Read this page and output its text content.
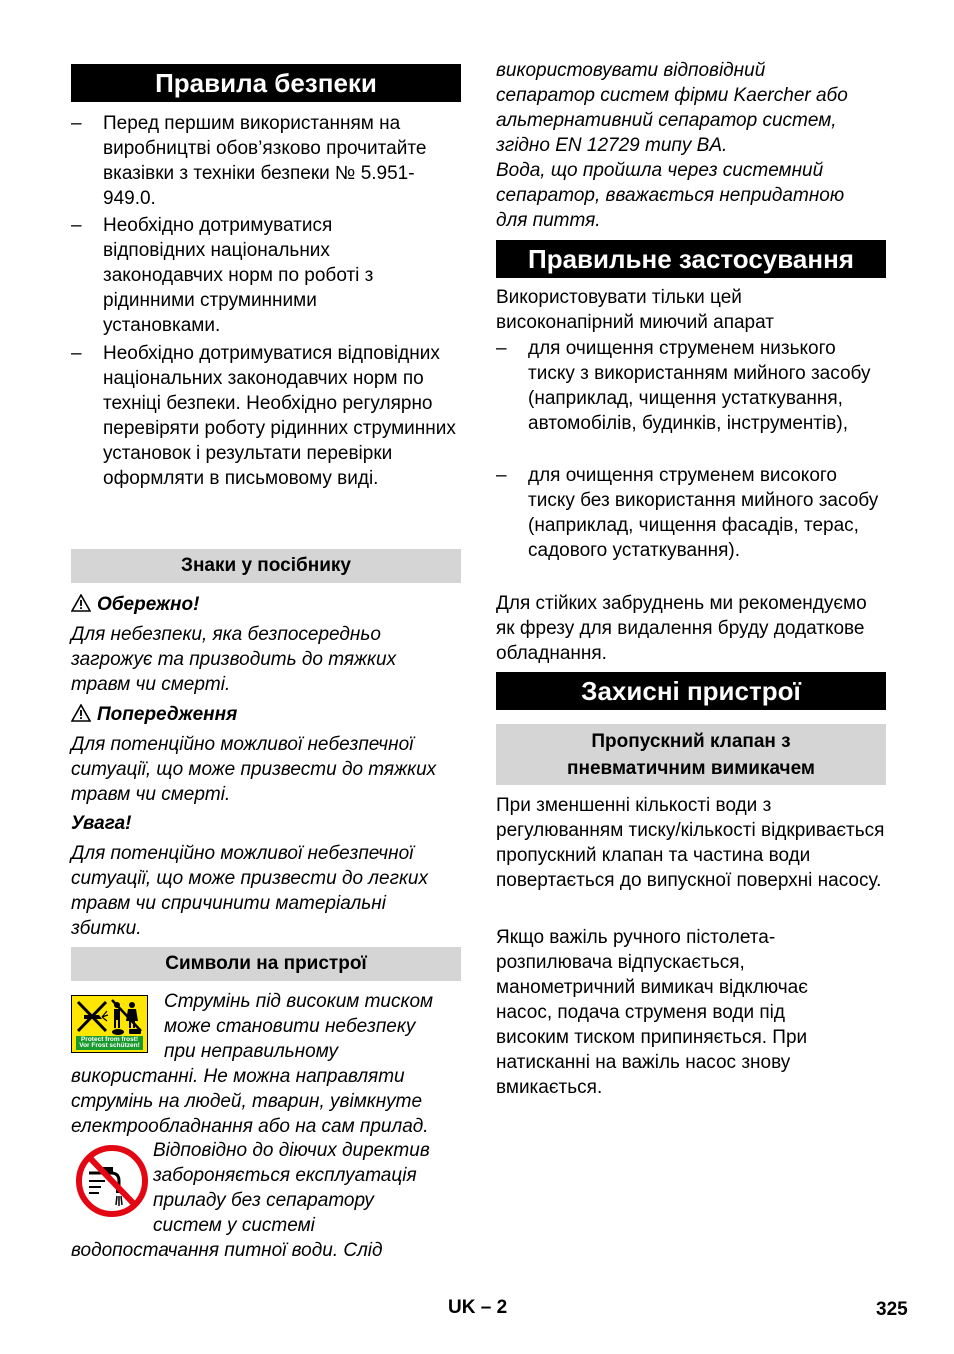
Правила безпеки
– Перед першим використанням на виробництві обов’язково прочитайте вказівки з техніки безпеки № 5.951-949.0.
– Необхідно дотримуватися відповідних національних законодавчих норм по роботі з рідинними струминними установками.
– Необхідно дотримуватися відповідних національних законодавчих норм по техніці безпеки. Необхідно регулярно перевіряти роботу рідинних струминних установок і результати перевірки оформляти в письмовому виді.
Знаки у посібнику
Обережно!
Для небезпеки, яка безпосередньо загрожує та призводить до тяжких травм чи смерті.
Попередження
Для потенційно можливої небезпечної ситуації, що може призвести до тяжких травм чи смерті.
Увага!
Для потенційно можливої небезпечної ситуації, що може призвести до легких травм чи спричинити матеріальні збитки.
Символи на пристрої
Protect from frost!
Vor Frost schützen!
Струмінь під високим тиском
може становити небезпеку
при неправильному
використанні. Не можна направляти
струмінь на людей, тварин, увімкнуте
електрообладнання або на сам прилад.
Відповідно до діючих директив
забороняється експлуатація
приладу без сепаратору
систем у системі
водопостачання питної води. Слід
використовувати відповідний
сепаратор систем фірми Kaercher або
альтернативний сепаратор систем,
згідно EN 12729 типу BA.
Вода, що пройшла через системний
сепаратор, вважається непридатною
для пиття.
Правильне застосування
Використовувати тільки цей високонапірний миючий апарат
– для очищення струменем низького тиску з використанням мийного засобу (наприклад, чищення устаткування, автомобілів, будинків, інструментів),
– для очищення струменем високого тиску без використання мийного засобу (наприклад, чищення фасадів, терас, садового устаткування).
Для стійких забруднень ми рекомендуємо як фрезу для видалення бруду додаткове обладнання.
Захисні пристрої
Пропускний клапан з пневматичним вимикачем
При зменшенні кількості води з регулюванням тиску/кількості відкривається пропускний клапан та частина води повертається до випускної поверхні насосу.
Якщо важіль ручного пістолета-розпилювача відпускається, манометричний вимикач відключає насос, подача струменя води під високим тиском припиняється. При натисканні на важіль насос знову вмикається.
UK – 2	325
